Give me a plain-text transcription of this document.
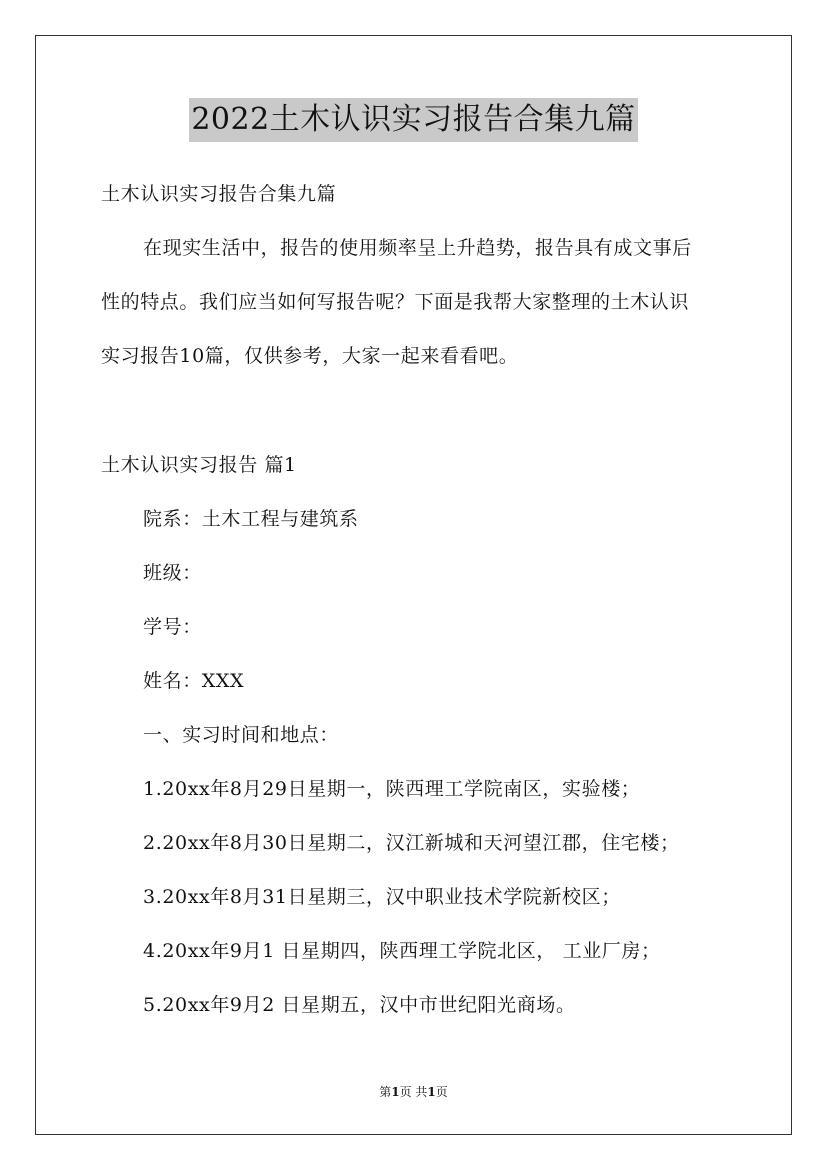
2022土木认识实习报告合集九篇
土木认识实习报告合集九篇
在现实生活中，报告的使用频率呈上升趋势，报告具有成文事后
性的特点。我们应当如何写报告呢？下面是我帮大家整理的土木认识
实习报告10篇，仅供参考，大家一起来看看吧。
土木认识实习报告 篇1
院系：土木工程与建筑系
班级：
学号：
姓名：XXX
一、实习时间和地点：
1.20xx年8月29日星期一，陕西理工学院南区，实验楼；
2.20xx年8月30日星期二，汉江新城和天河望江郡，住宅楼；
3.20xx年8月31日星期三，汉中职业技术学院新校区；
4.20xx年9月1 日星期四，陕西理工学院北区， 工业厂房；
5.20xx年9月2 日星期五，汉中市世纪阳光商场。
第1页 共1页
